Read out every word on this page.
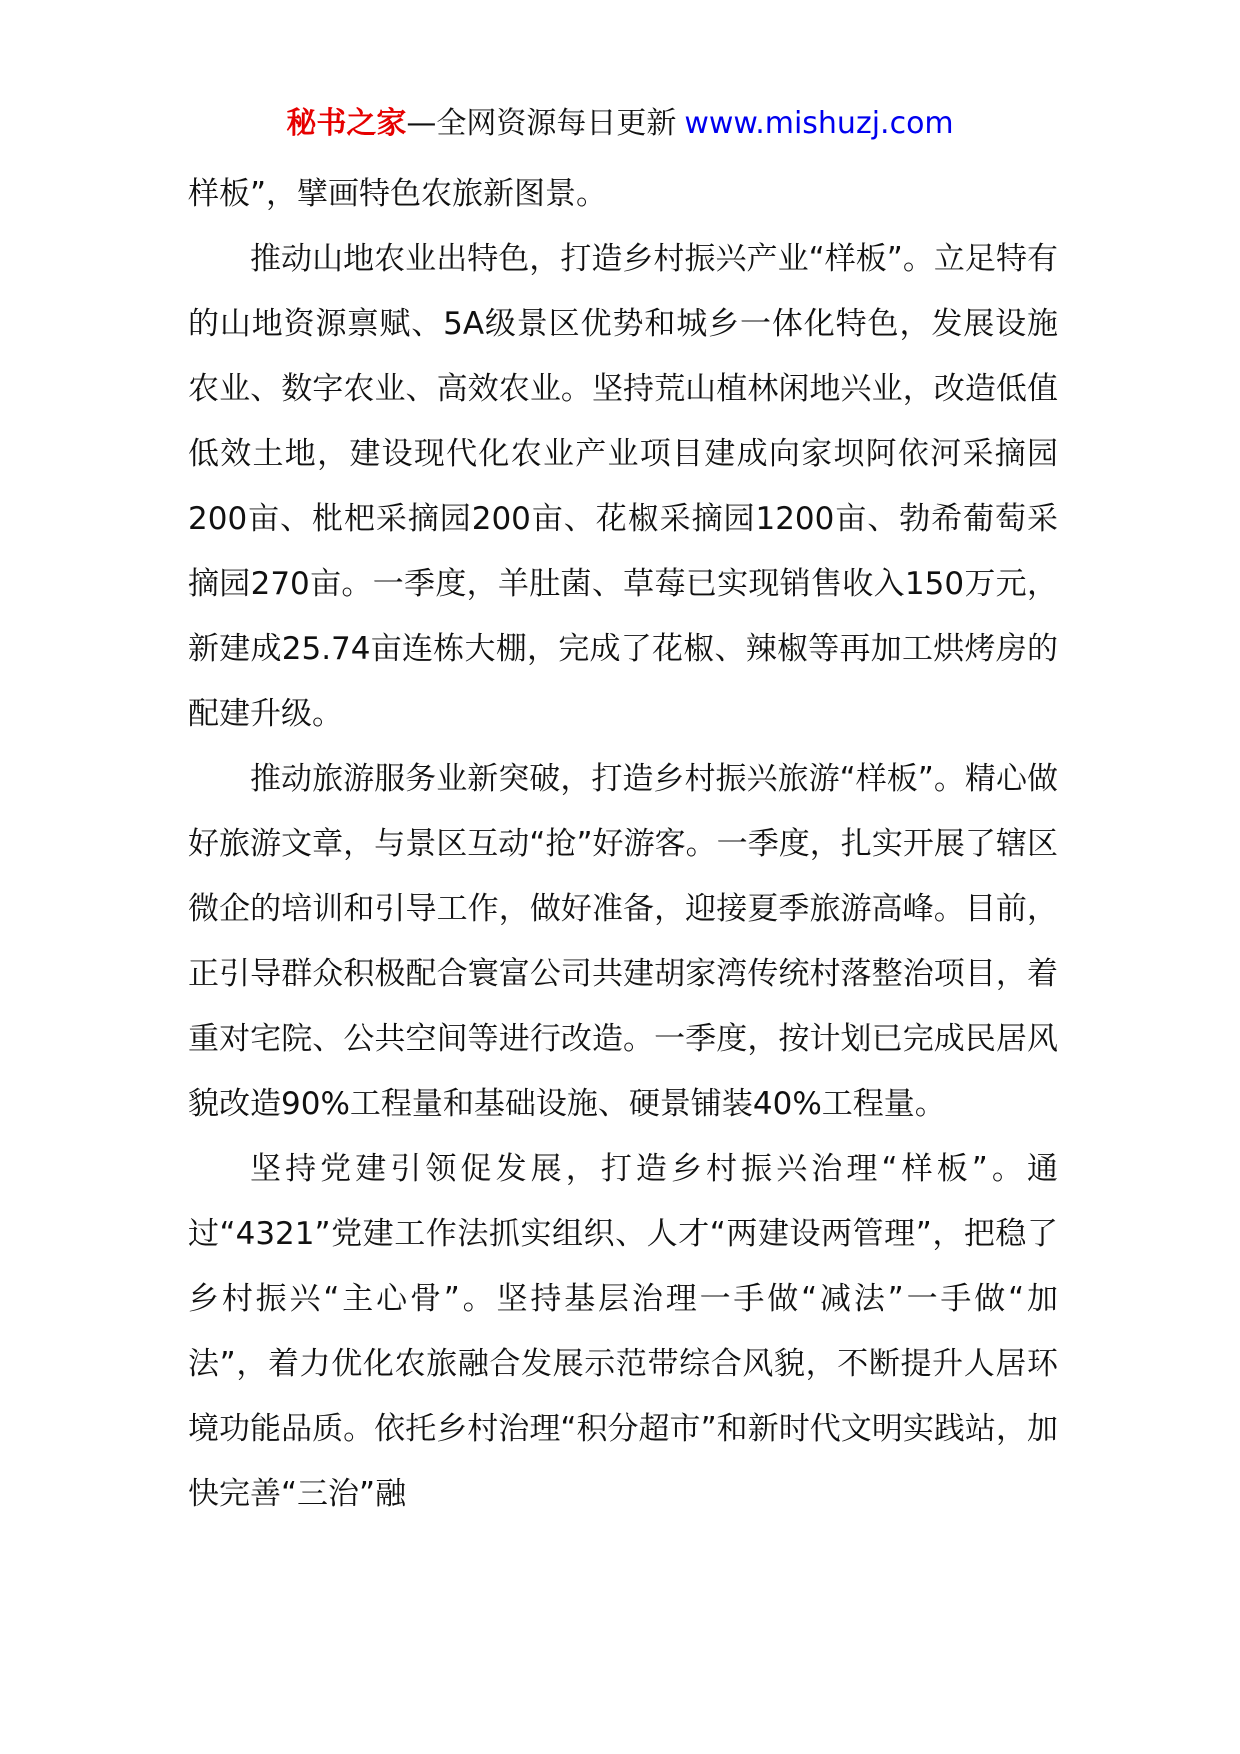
秘书之家—全网资源每日更新 www.mishuzj.com

样板”，擘画特色农旅新图景。

推动山地农业出特色，打造乡村振兴产业“样板”。立足特有的山地资源禀赋、5A级景区优势和城乡一体化特色，发展设施农业、数字农业、高效农业。坚持荒山植林闲地兴业，改造低值低效土地，建设现代化农业产业项目建成向家坝阿依河采摘园200亩、枇杷采摘园200亩、花椒采摘园1200亩、勃希葡萄采摘园270亩。一季度，羊肚菌、草莓已实现销售收入150万元，新建成25.74亩连栋大棚，完成了花椒、辣椒等再加工烘烤房的配建升级。

推动旅游服务业新突破，打造乡村振兴旅游“样板”。精心做好旅游文章，与景区互动“抢”好游客。一季度，扎实开展了辖区微企的培训和引导工作，做好准备，迎接夏季旅游高峰。目前，正引导群众积极配合寰富公司共建胡家湾传统村落整治项目，着重对宅院、公共空间等进行改造。一季度，按计划已完成民居风貌改造90%工程量和基础设施、硬景铺装40%工程量。

坚持党建引领促发展，打造乡村振兴治理“样板”。通过“4321”党建工作法抓实组织、人才“两建设两管理”，把稳了乡村振兴“主心骨”。坚持基层治理一手做“减法”一手做“加法”，着力优化农旅融合发展示范带综合风貌，不断提升人居环境功能品质。依托乡村治理“积分超市”和新时代文明实践站，加快完善“三治”融
